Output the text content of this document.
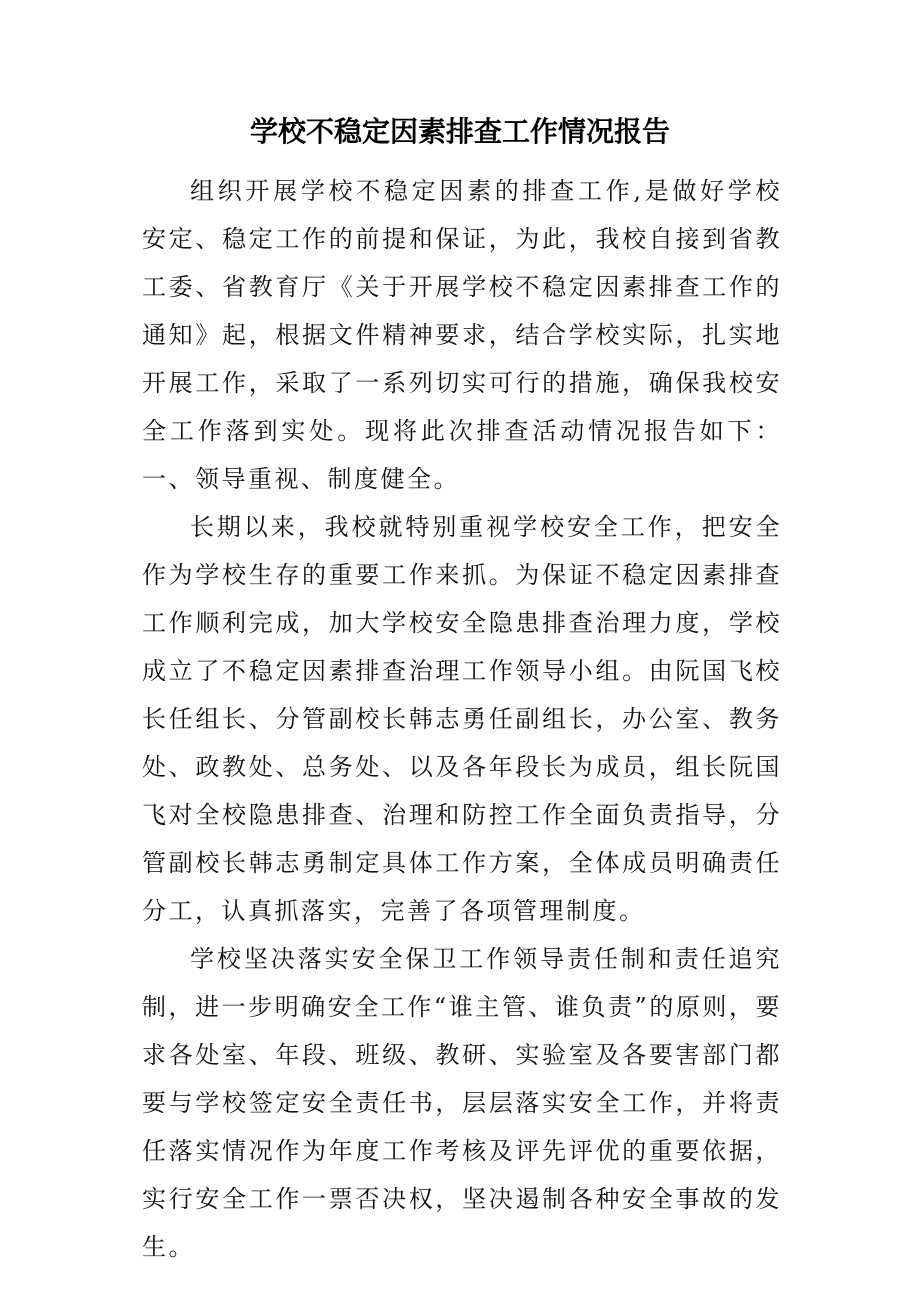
学校不稳定因素排查工作情况报告

组织开展学校不稳定因素的排查工作,是做好学校安定、稳定工作的前提和保证，为此，我校自接到省教工委、省教育厅《关于开展学校不稳定因素排查工作的通知》起，根据文件精神要求，结合学校实际，扎实地开展工作，采取了一系列切实可行的措施，确保我校安全工作落到实处。现将此次排查活动情况报告如下： 一、领导重视、制度健全。

长期以来，我校就特别重视学校安全工作，把安全作为学校生存的重要工作来抓。为保证不稳定因素排查工作顺利完成，加大学校安全隐患排查治理力度，学校成立了不稳定因素排查治理工作领导小组。由阮国飞校长任组长、分管副校长韩志勇任副组长，办公室、教务处、政教处、总务处、以及各年段长为成员，组长阮国飞对全校隐患排查、治理和防控工作全面负责指导，分管副校长韩志勇制定具体工作方案，全体成员明确责任分工，认真抓落实，完善了各项管理制度。

学校坚决落实安全保卫工作领导责任制和责任追究制，进一步明确安全工作“谁主管、谁负责”的原则，要求各处室、年段、班级、教研、实验室及各要害部门都要与学校签定安全责任书，层层落实安全工作，并将责任落实情况作为年度工作考核及评先评优的重要依据，实行安全工作一票否决权，坚决遏制各种安全事故的发生。
